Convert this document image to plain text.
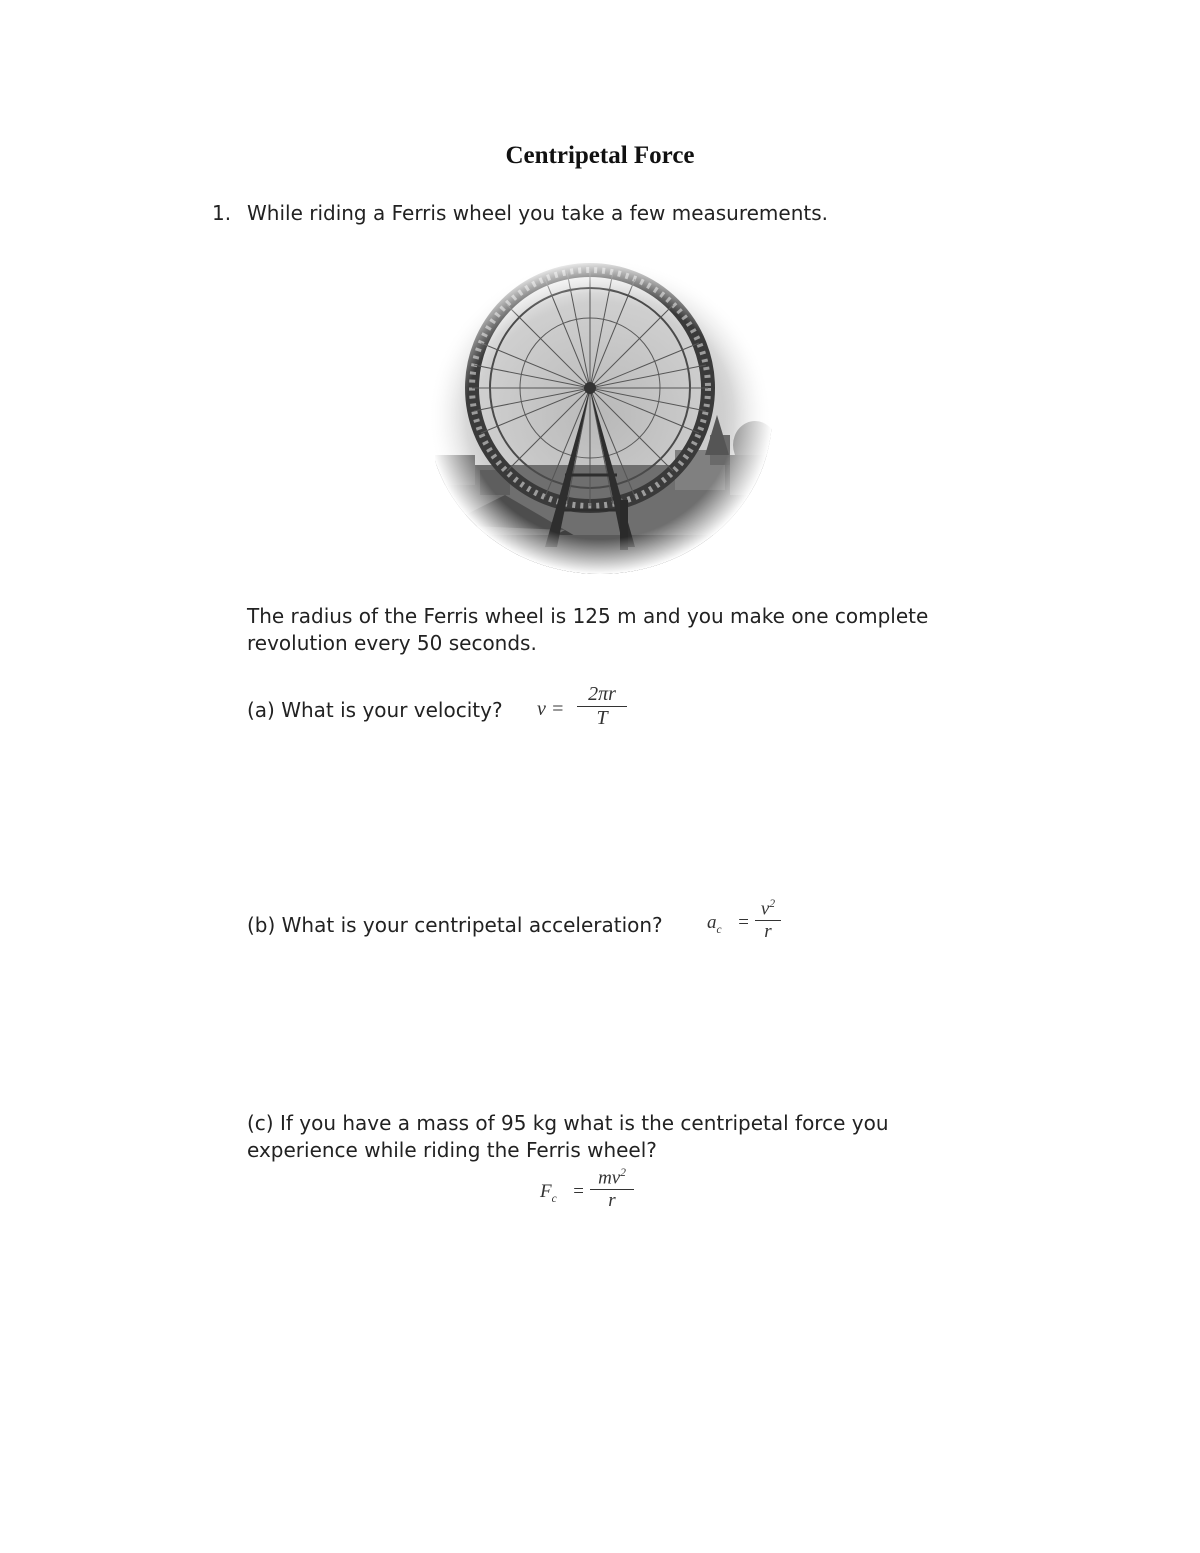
Centripetal Force
1. While riding a Ferris wheel you take a few measurements.
The radius of the Ferris wheel is 125 m and you make one complete
revolution every 50 seconds.
(a) What is your velocity? v =
2πr
T
(b) What is your centripetal acceleration? $a_c$ =
$v^2$
r
(c) If you have a mass of 95 kg what is the centripetal force you
experience while riding the Ferris wheel?
$F_c$ =
$mv^2$
r
